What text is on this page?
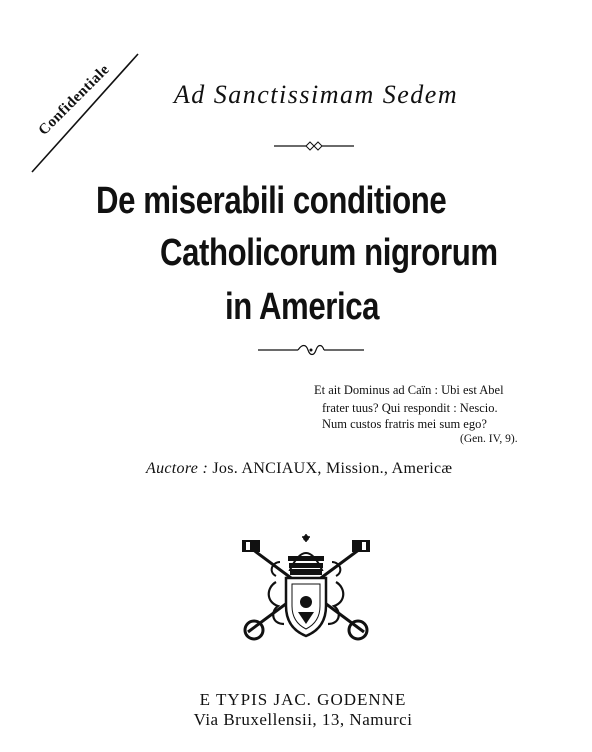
Confidentiale	Ad Sanctissimam Sedem
De miserabili conditione
Catholicorum nigrorum
in America
Et ait Dominus ad Caïn : Ubi est Abel
frater tuus? Qui respondit : Nescio.
Num custos fratris mei sum ego?
(Gen. IV, 9).
Auctore : Jos. ANCIAUX, Mission., Americæ
E TYPIS JAC. GODENNE
Via Bruxellensii, 13, Namurci
